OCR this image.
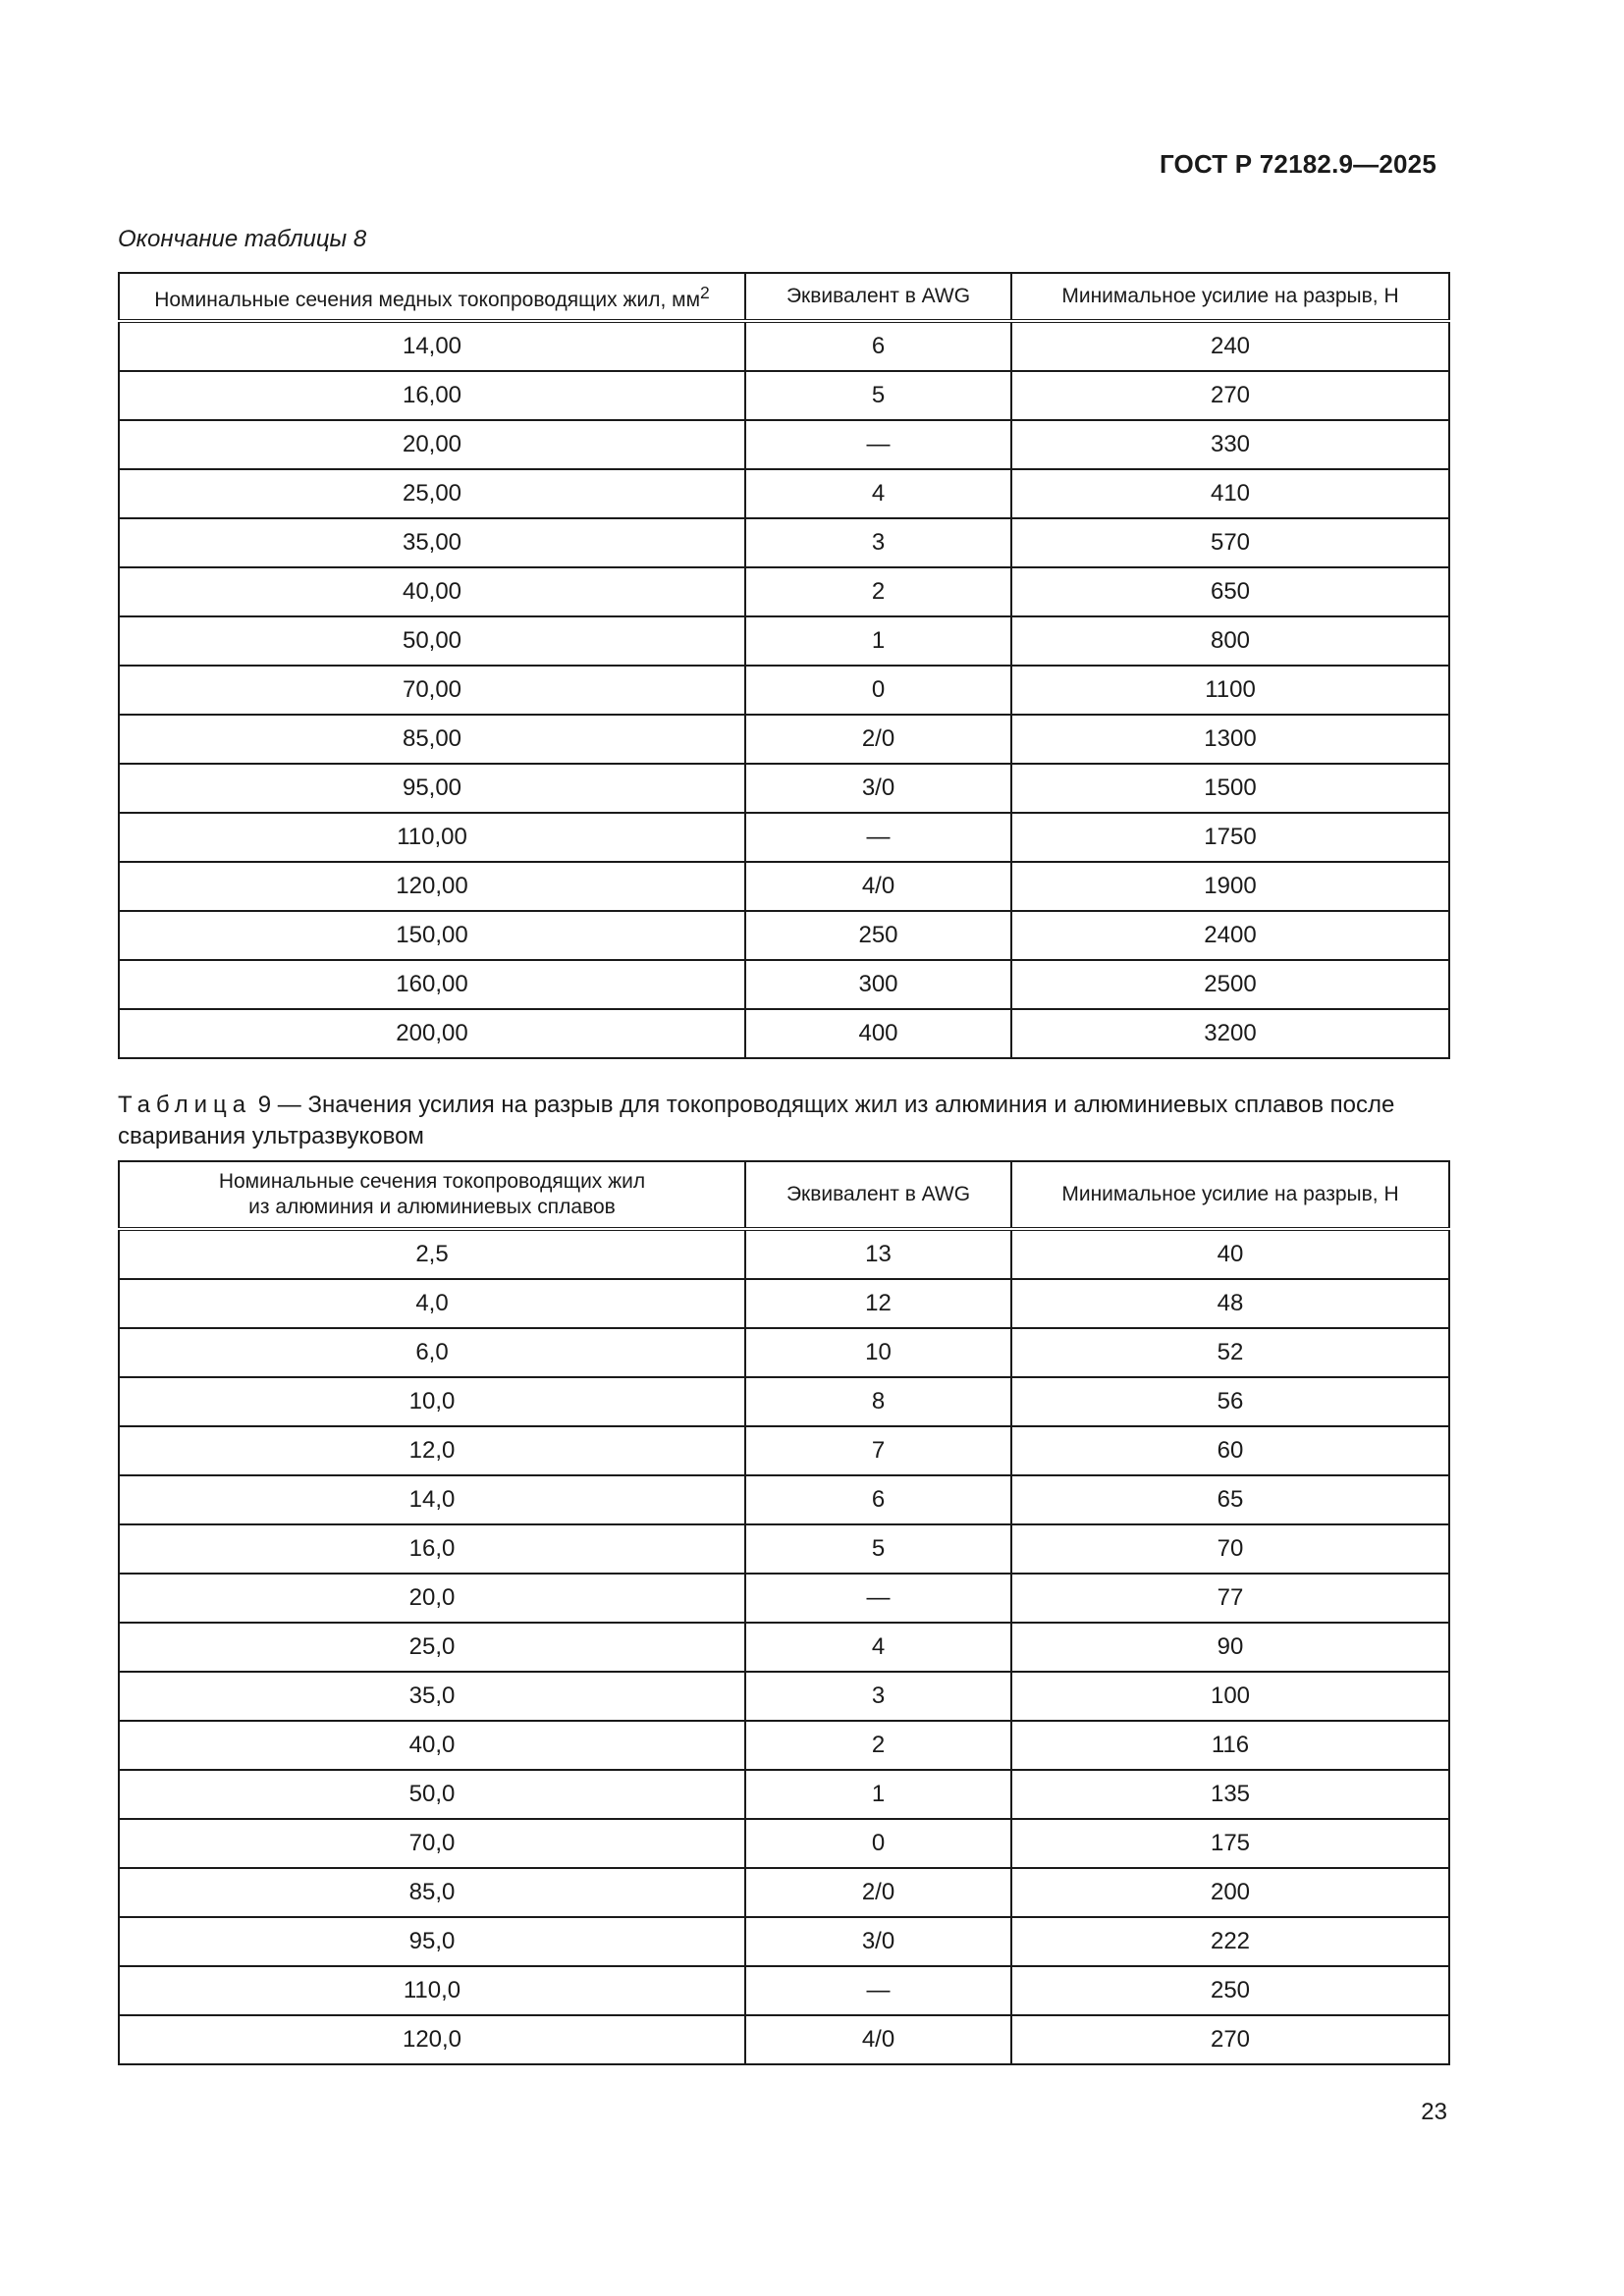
ГОСТ Р 72182.9—2025
Окончание таблицы 8
Номинальные сечения медных токопроводящих жил, $мм^2$	Эквивалент в AWG	Минимальное усилие на разрыв, Н
14,00	6	240
16,00	5	270
20,00	—	330
25,00	4	410
35,00	3	570
40,00	2	650
50,00	1	800
70,00	0	1100
85,00	2/0	1300
95,00	3/0	1500
110,00	—	1750
120,00	4/0	1900
150,00	250	2400
160,00	300	2500
200,00	400	3200
Таблица 9 — Значения усилия на разрыв для токопроводящих жил из алюминия и алюминиевых сплавов после сваривания ультразвуковом
Номинальные сечения токопроводящих жил
из алюминия и алюминиевых сплавов	Эквивалент в AWG	Минимальное усилие на разрыв, Н
2,5	13	40
4,0	12	48
6,0	10	52
10,0	8	56
12,0	7	60
14,0	6	65
16,0	5	70
20,0	—	77
25,0	4	90
35,0	3	100
40,0	2	116
50,0	1	135
70,0	0	175
85,0	2/0	200
95,0	3/0	222
110,0	—	250
120,0	4/0	270
23
